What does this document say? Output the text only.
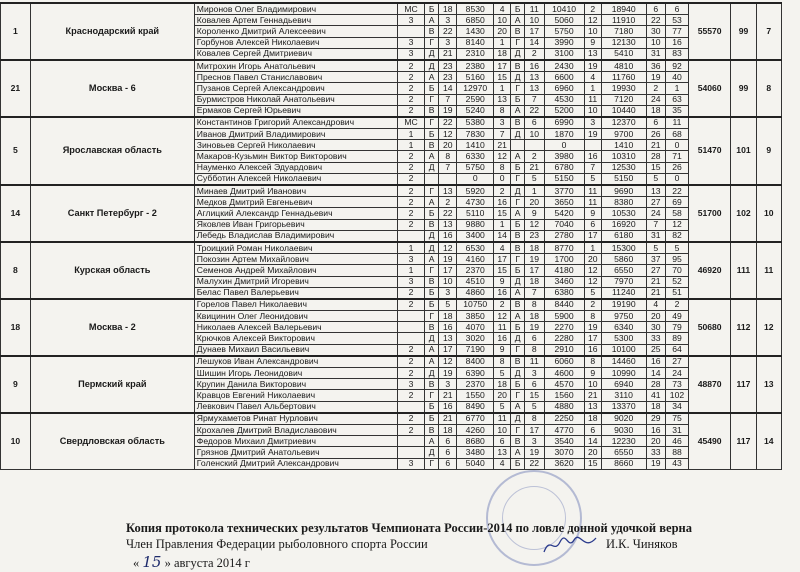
1	Краснодарский край	Миронов Олег Владимирович	МС	Б	18	8530	4	Б	11	10410	2	18940	6	6	55570	99	7
		Ковалев Артем Геннадьевич	3	А	3	6850	10	А	10	5060	12	11910	22	53			
		Короленко Дмитрий Алексеевич		В	22	1430	20	В	17	5750	10	7180	30	77			
		Горбунов Алексей Николаевич	3	Г	3	8140	1	Г	14	3990	9	12130	10	16			
		Ковалев Сергей Дмитриевич	3	Д	21	2310	18	Д	2	3100	13	5410	31	83			
21	Москва - 6	Митрохин Игорь Анатольевич	2	Д	23	2380	17	В	16	2430	19	4810	36	92	54060	99	8
		Преснов Павел Станиславович	2	А	23	5160	15	Д	13	6600	4	11760	19	40			
		Пузанов Сергей Александрович	2	Б	14	12970	1	Г	13	6960	1	19930	2	1			
		Бурмистров Николай Анатольевич	2	Г	7	2590	13	Б	7	4530	11	7120	24	63			
		Ермаков Сергей Юрьевич	2	В	19	5240	8	А	22	5200	10	10440	18	35			
5	Ярославская область	Константинов Григорий Александрович	МС	Г	22	5380	3	В	6	6990	3	12370	6	11	51470	101	9
		Иванов Дмитрий Владимирович	1	Б	12	7830	7	Д	10	1870	19	9700	26	68			
		Зиновьев Сергей Николаевич	1	В	20	1410	21			0		1410	21	0			
		Макаров-Кузьмин Виктор Викторович	2	А	8	6330	12	А	2	3980	16	10310	28	71			
		Науменко Алексей Эдуардович	2	Д	7	5750	8	Б	21	6780	7	12530	15	26			
		Субботин Алексей Николаевич	2			0	0	Г	5	5150	5	5150	5	0			
14	Санкт Петербург - 2	Минаев Дмитрий Иванович	2	Г	13	5920	2	Д	1	3770	11	9690	13	22	51700	102	10
		Медков Дмитрий Евгеньевич	2	А	2	4730	16	Г	20	3650	11	8380	27	69			
		Аглицкий Александр Геннадьевич	2	Б	22	5110	15	А	9	5420	9	10530	24	58			
		Яковлев Иван Григорьевич	2	В	13	9880	1	Б	12	7040	6	16920	7	12			
		Лебедь Владислав Владимирович		Д	16	3400	14	В	23	2780	17	6180	31	82			
8	Курская область	Троицкий Роман Николаевич	1	Д	12	6530	4	В	18	8770	1	15300	5	5	46920	111	11
		Покозин Артем Михайлович	3	А	19	4160	17	Г	19	1700	20	5860	37	95			
		Семенов Андрей Михайлович	1	Г	17	2370	15	Б	17	4180	12	6550	27	70			
		Малухин Дмитрий Игоревич	3	В	10	4510	9	Д	18	3460	12	7970	21	52			
		Белас Павел Валерьевич	2	Б	3	4860	16	А	7	6380	5	11240	21	51			
18	Москва - 2	Горелов Павел Николаевич	2	Б	5	10750	2	В	8	8440	2	19190	4	2	50680	112	12
		Квицинин Олег Леонидович		Г	18	3850	12	А	18	5900	8	9750	20	49			
		Николаев Алексей Валерьевич		В	16	4070	11	Б	19	2270	19	6340	30	79			
		Крючков Алексей Викторович		Д	13	3020	16	Д	6	2280	17	5300	33	89			
		Дунаев Михаил Васильевич	2	А	17	7190	9	Г	8	2910	16	10100	25	64			
9	Пермский край	Лешуков Иван Александрович	2	А	12	8400	8	В	11	6060	8	14460	16	27	48870	117	13
		Шишин Игорь Леонидович	2	Д	19	6390	5	Д	3	4600	9	10990	14	24			
		Крупин Данила Викторович	3	В	3	2370	18	Б	6	4570	10	6940	28	73			
		Кравцов Евгений Николаевич	2	Г	21	1550	20	Г	15	1560	21	3110	41	102			
		Левкович Павел Альбертович		Б	16	8490	5	А	5	4880	13	13370	18	34			
10	Свердловская область	Ярмухаметов Ринат Нурлович	2	Б	21	6770	11	Д	8	2250	18	9020	29	75	45490	117	14
		Крохалев Дмитрий Владиславович	2	В	18	4260	10	Г	17	4770	6	9030	16	31			
		Федоров Михаил Дмитриевич		А	6	8680	6	В	3	3540	14	12230	20	46			
		Грязнов Дмитрий Анатольевич		Д	6	3480	13	А	19	3070	20	6550	33	88			
		Голенский Дмитрий Александрович	3	Г	6	5040	4	Б	22	3620	15	8660	19	43			
Копия протокола технических результатов Чемпионата России-2014 по ловле донной удочкой верна
Член Правления Федерации рыболовного спорта России	И.К. Чиняков
« 15 » августа 2014 г
